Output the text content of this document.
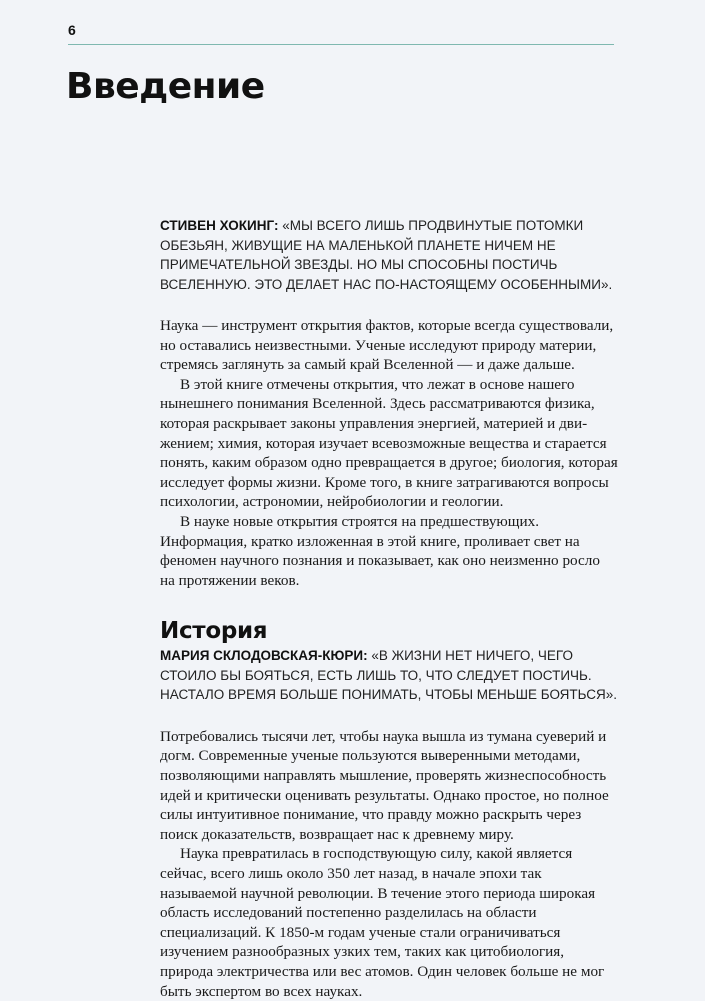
6
Введение

СТИВЕН ХОКИНГ: «МЫ ВСЕГО ЛИШЬ ПРОДВИНУТЫЕ ПОТОМКИ ОБЕЗЬЯН, ЖИВУЩИЕ НА МАЛЕНЬКОЙ ПЛАНЕТЕ НИЧЕМ НЕ ПРИМЕЧАТЕЛЬНОЙ ЗВЕЗДЫ. НО МЫ СПОСОБНЫ ПОСТИЧЬ ВСЕЛЕННУЮ. ЭТО ДЕЛАЕТ НАС ПО-НАСТОЯЩЕМУ ОСОБЕННЫМИ».

Наука — инструмент открытия фактов, которые всегда существовали, но оставались неизвестными. Ученые исследуют природу материи, стремясь заглянуть за самый край Вселенной — и даже дальше.

В этой книге отмечены открытия, что лежат в основе нашего нынешнего понимания Вселенной. Здесь рассматриваются физика, которая раскрывает законы управления энергией, материей и движением; химия, которая изучает всевозможные вещества и старается понять, каким образом одно превращается в другое; биология, которая исследует формы жизни. Кроме того, в книге затрагиваются вопросы психологии, астрономии, нейробиологии и геологии.

В науке новые открытия строятся на предшествующих. Информация, кратко изложенная в этой книге, проливает свет на феномен научного познания и показывает, как оно неизменно росло на протяжении веков.

История

МАРИЯ СКЛОДОВСКАЯ-КЮРИ: «В ЖИЗНИ НЕТ НИЧЕГО, ЧЕГО СТОИЛО БЫ БОЯТЬСЯ, ЕСТЬ ЛИШЬ ТО, ЧТО СЛЕДУЕТ ПОСТИЧЬ. НАСТАЛО ВРЕМЯ БОЛЬШЕ ПОНИМАТЬ, ЧТОБЫ МЕНЬШЕ БОЯТЬСЯ».

Потребовались тысячи лет, чтобы наука вышла из тумана суеверий и догм. Современные ученые пользуются выверенными методами, позволяющими направлять мышление, проверять жизнеспособность идей и критически оценивать результаты. Однако простое, но полное силы интуитивное понимание, что правду можно раскрыть через поиск доказательств, возвращает нас к древнему миру.

Наука превратилась в господствующую силу, какой является сейчас, всего лишь около 350 лет назад, в начале эпохи так называемой научной революции. В течение этого периода широкая область исследований постепенно разделилась на области специализаций. К 1850-м годам ученые стали ограничиваться изучением разнообразных узких тем, таких как цитобиология, природа электричества или вес атомов. Один человек больше не мог быть экспертом во всех науках.
